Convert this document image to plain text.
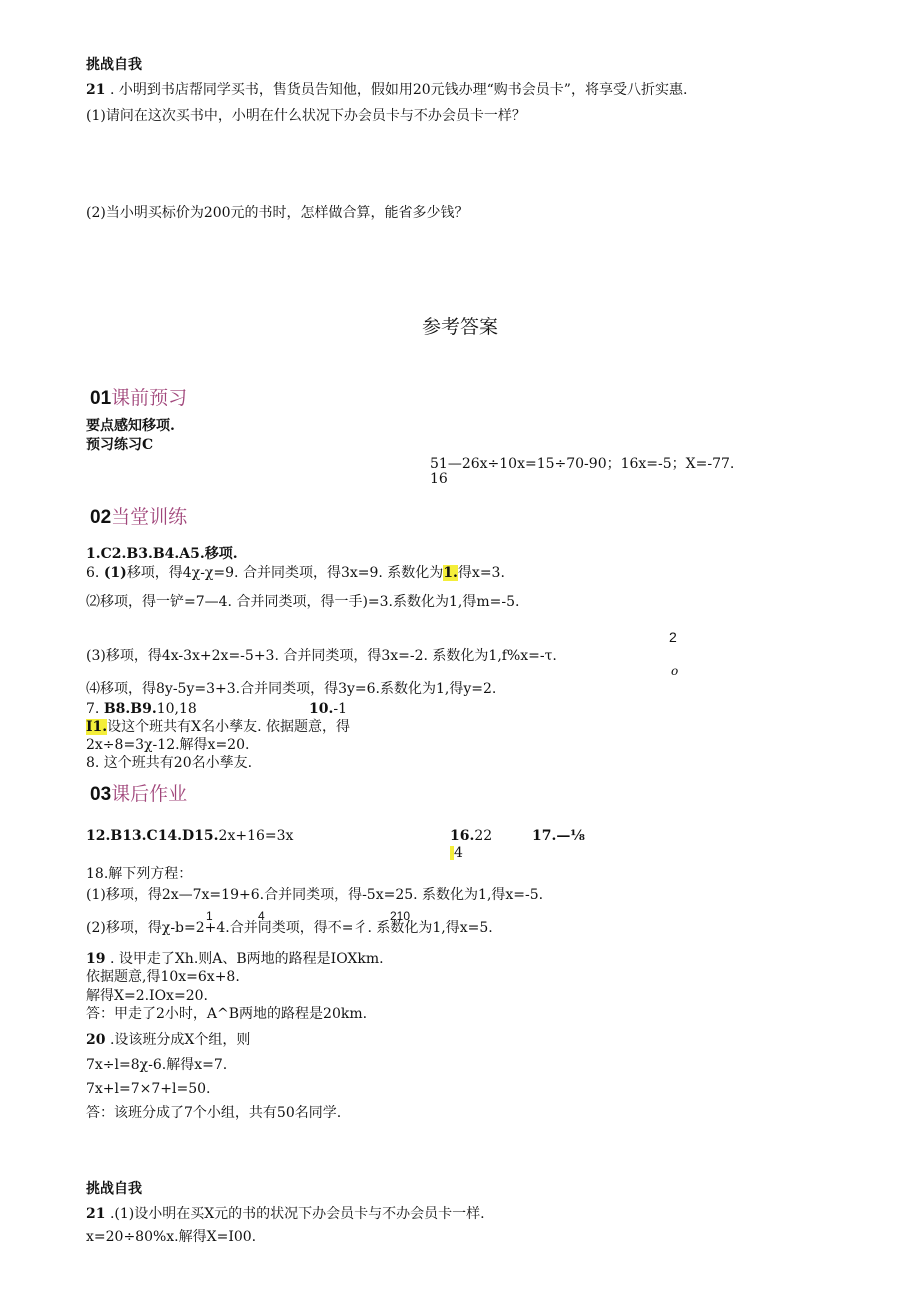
挑战自我
21 . 小明到书店帮同学买书，售货员告知他，假如用20元钱办理“购书会员卡”，将享受八折实惠.
(1)请问在这次买书中，小明在什么状况下办会员卡与不办会员卡一样？
(2)当小明买标价为200元的书时，怎样做合算，能省多少钱？
参考答案
01课前预习
要点感知移项.
预习练习C
51—26x÷10x=15÷70-90；16x=-5；X=-77.
16
02当堂训练
1.C2.B3.B4.A5.移项.
6. (1)移项，得4χ-χ=9. 合并同类项，得3x=9. 系数化为1.得x=3.
⑵移项，得一铲=7—4. 合并同类项，得一手)=3.系数化为1,得m=-5.
2
(3)移项，得4x-3x+2x=-5+3. 合并同类项，得3x=-2. 系数化为1,f%x=-τ.
o
⑷移项，得8y-5y=3+3.合并同类项，得3y=6.系数化为1,得y=2.
7. B8.B9.10,18	10.-1
I1.设这个班共有X名小孳友. 依据题意，得
2x÷8=3χ-12.解得x=20.
8. 这个班共有20名小孳友.
03课后作业
12.B13.C14.D15.2x+16=3x	16.22	17.—⅛
4
18.解下列方程：
(1)移项，得2x—7x=19+6.合并同类项，得-5x=25. 系数化为1,得x=-5.
1	4	210
(2)移项，得χ-b=2+4.合并同类项，得不=彳. 系数化为1,得x=5.
19 . 设甲走了Xh.则A、B两地的路程是IOXkm.
依据题意,得10x=6x+8.
解得X=2.IOx=20.
答：甲走了2小时，A^B两地的路程是20km.
20 .设该班分成X个组，则
7x÷l=8χ-6.解得x=7.
7x+l=7×7+l=50.
答：该班分成了7个小组，共有50名同学.
挑战自我
21 .(1)设小明在买X元的书的状况下办会员卡与不办会员卡一样.
x=20÷80%x.解得X=I00.
